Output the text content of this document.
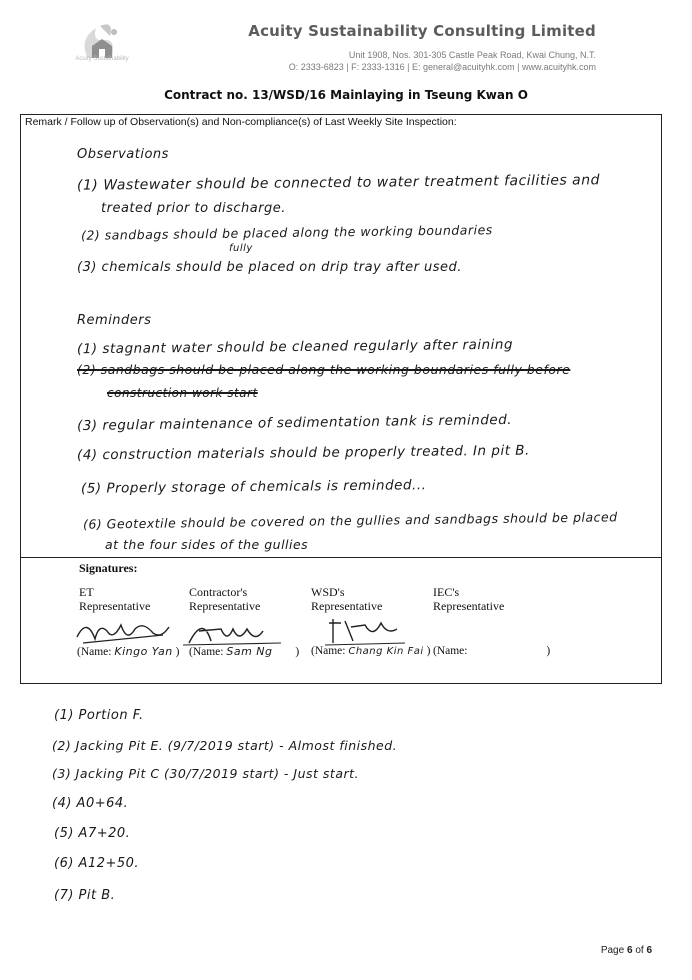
Acuity Sustainability
Acuity Sustainability Consulting Limited
Unit 1908, Nos. 301-305 Castle Peak Road, Kwai Chung, N.T.
O: 2333-6823 | F: 2333-1316 | E: general@acuityhk.com | www.acuityhk.com
Contract no. 13/WSD/16 Mainlaying in Tseung Kwan O
Remark / Follow up of Observation(s) and Non-compliance(s) of Last Weekly Site Inspection:
Observations
(1) Wastewater should be connected to water treatment facilities and
treated prior to discharge.
(2) sandbags should be placed along the working boundaries
fully
(3) chemicals should be placed on drip tray after used.
Reminders
(1) stagnant water should be cleaned regularly after raining
(2) sandbags should be placed along the working boundaries fully before
construction work start
(3) regular maintenance of sedimentation tank is reminded.
(4) construction materials should be properly treated. In pit B.
(5) Properly storage of chemicals is reminded...
(6) Geotextile should be covered on the gullies and sandbags should be placed
at the four sides of the gullies
Signatures:
ET
Representative
Contractor's
Representative
WSD's
Representative
IEC's
Representative
(Name: Kingo Yan ) (Name: Sam Ng ) (Name: Chang Kin Fai ) (Name:	)
(1) Portion F.
(2) Jacking Pit E. (9/7/2019 start) - Almost finished.
(3) Jacking Pit C (30/7/2019 start) - Just start.
(4) A0+64.
(5) A7+20.
(6) A12+50.
(7) Pit B.
Page 6 of 6
